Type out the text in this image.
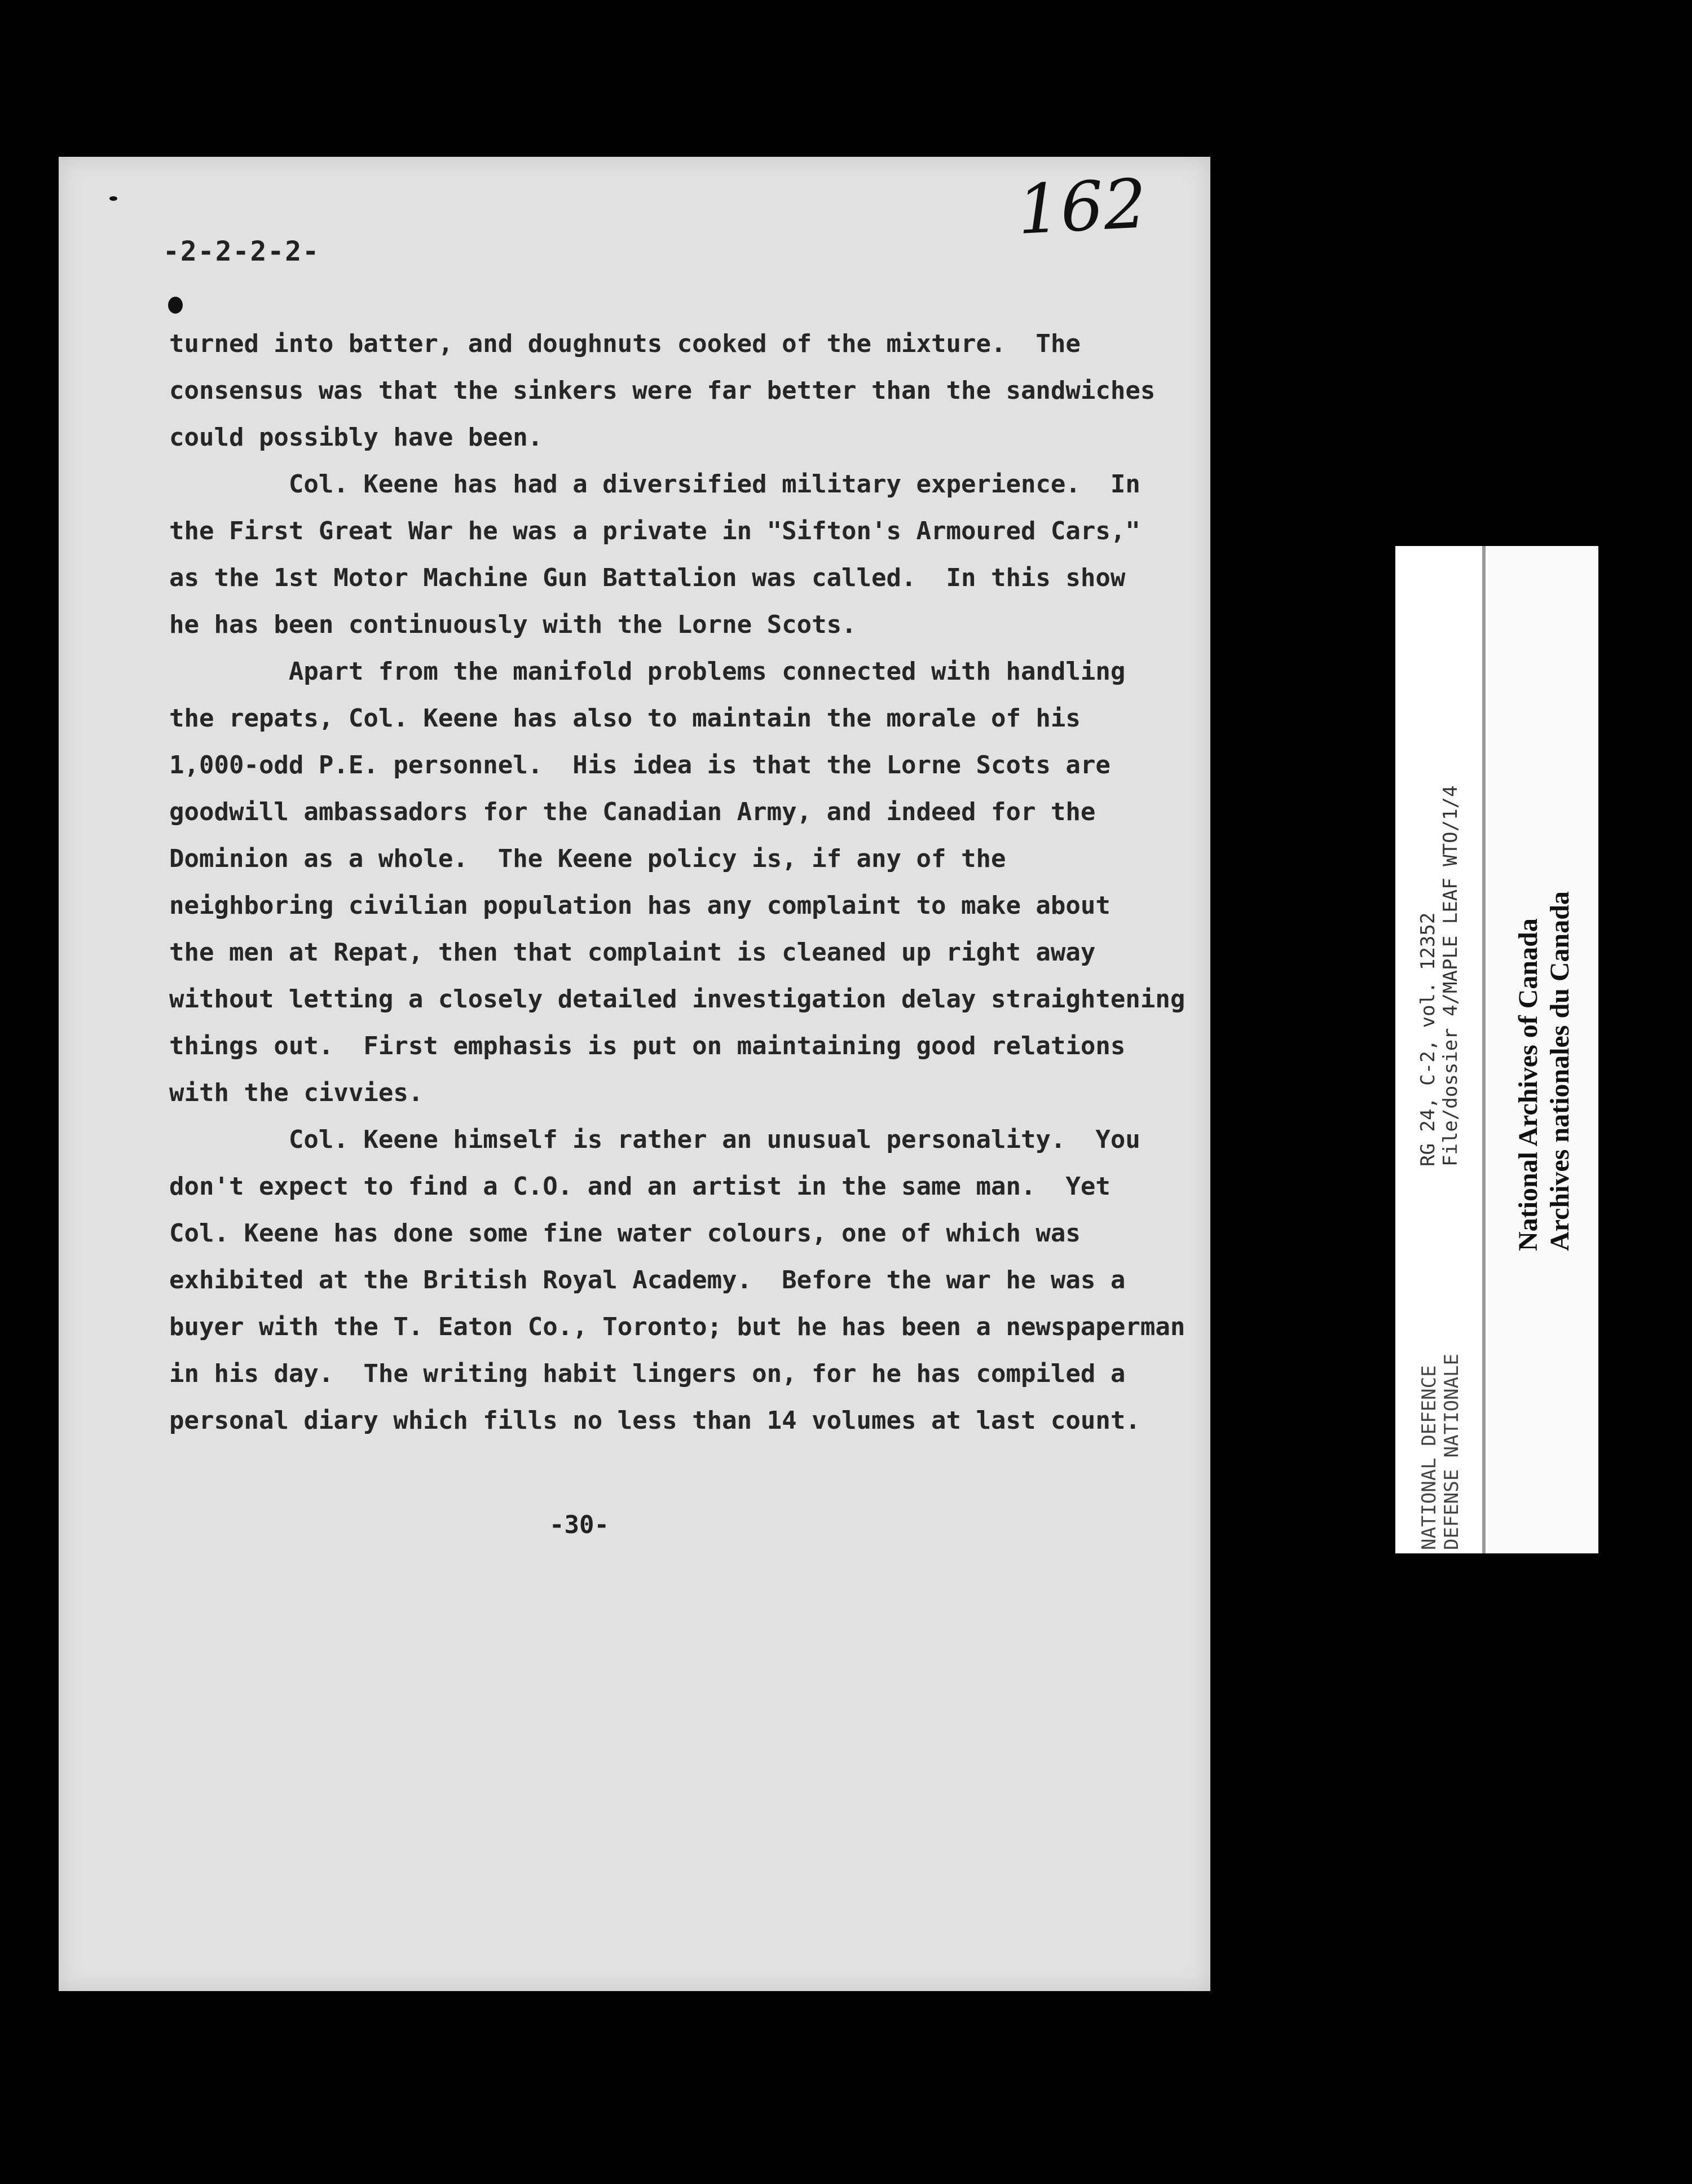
162
-2-2-2-2-
turned into batter, and doughnuts cooked of the mixture.  The
consensus was that the sinkers were far better than the sandwiches
could possibly have been.
Col. Keene has had a diversified military experience.  In
the First Great War he was a private in "Sifton's Armoured Cars,"
as the 1st Motor Machine Gun Battalion was called.  In this show
he has been continuously with the Lorne Scots.
Apart from the manifold problems connected with handling
the repats, Col. Keene has also to maintain the morale of his
1,000-odd P.E. personnel.  His idea is that the Lorne Scots are
goodwill ambassadors for the Canadian Army, and indeed for the
Dominion as a whole.  The Keene policy is, if any of the
neighboring civilian population has any complaint to make about
the men at Repat, then that complaint is cleaned up right away
without letting a closely detailed investigation delay straightening
things out.  First emphasis is put on maintaining good relations
with the civvies.
Col. Keene himself is rather an unusual personality.  You
don't expect to find a C.O. and an artist in the same man.  Yet
Col. Keene has done some fine water colours, one of which was
exhibited at the British Royal Academy.  Before the war he was a
buyer with the T. Eaton Co., Toronto; but he has been a newspaperman
in his day.  The writing habit lingers on, for he has compiled a
personal diary which fills no less than 14 volumes at last count.
-30-
RG 24, C-2, vol. 12352 File/dossier 4/MAPLE LEAF WTO/1/4
NATIONAL DEFENCE DEFENSE NATIONALE
National Archives of Canada Archives nationales du Canada
